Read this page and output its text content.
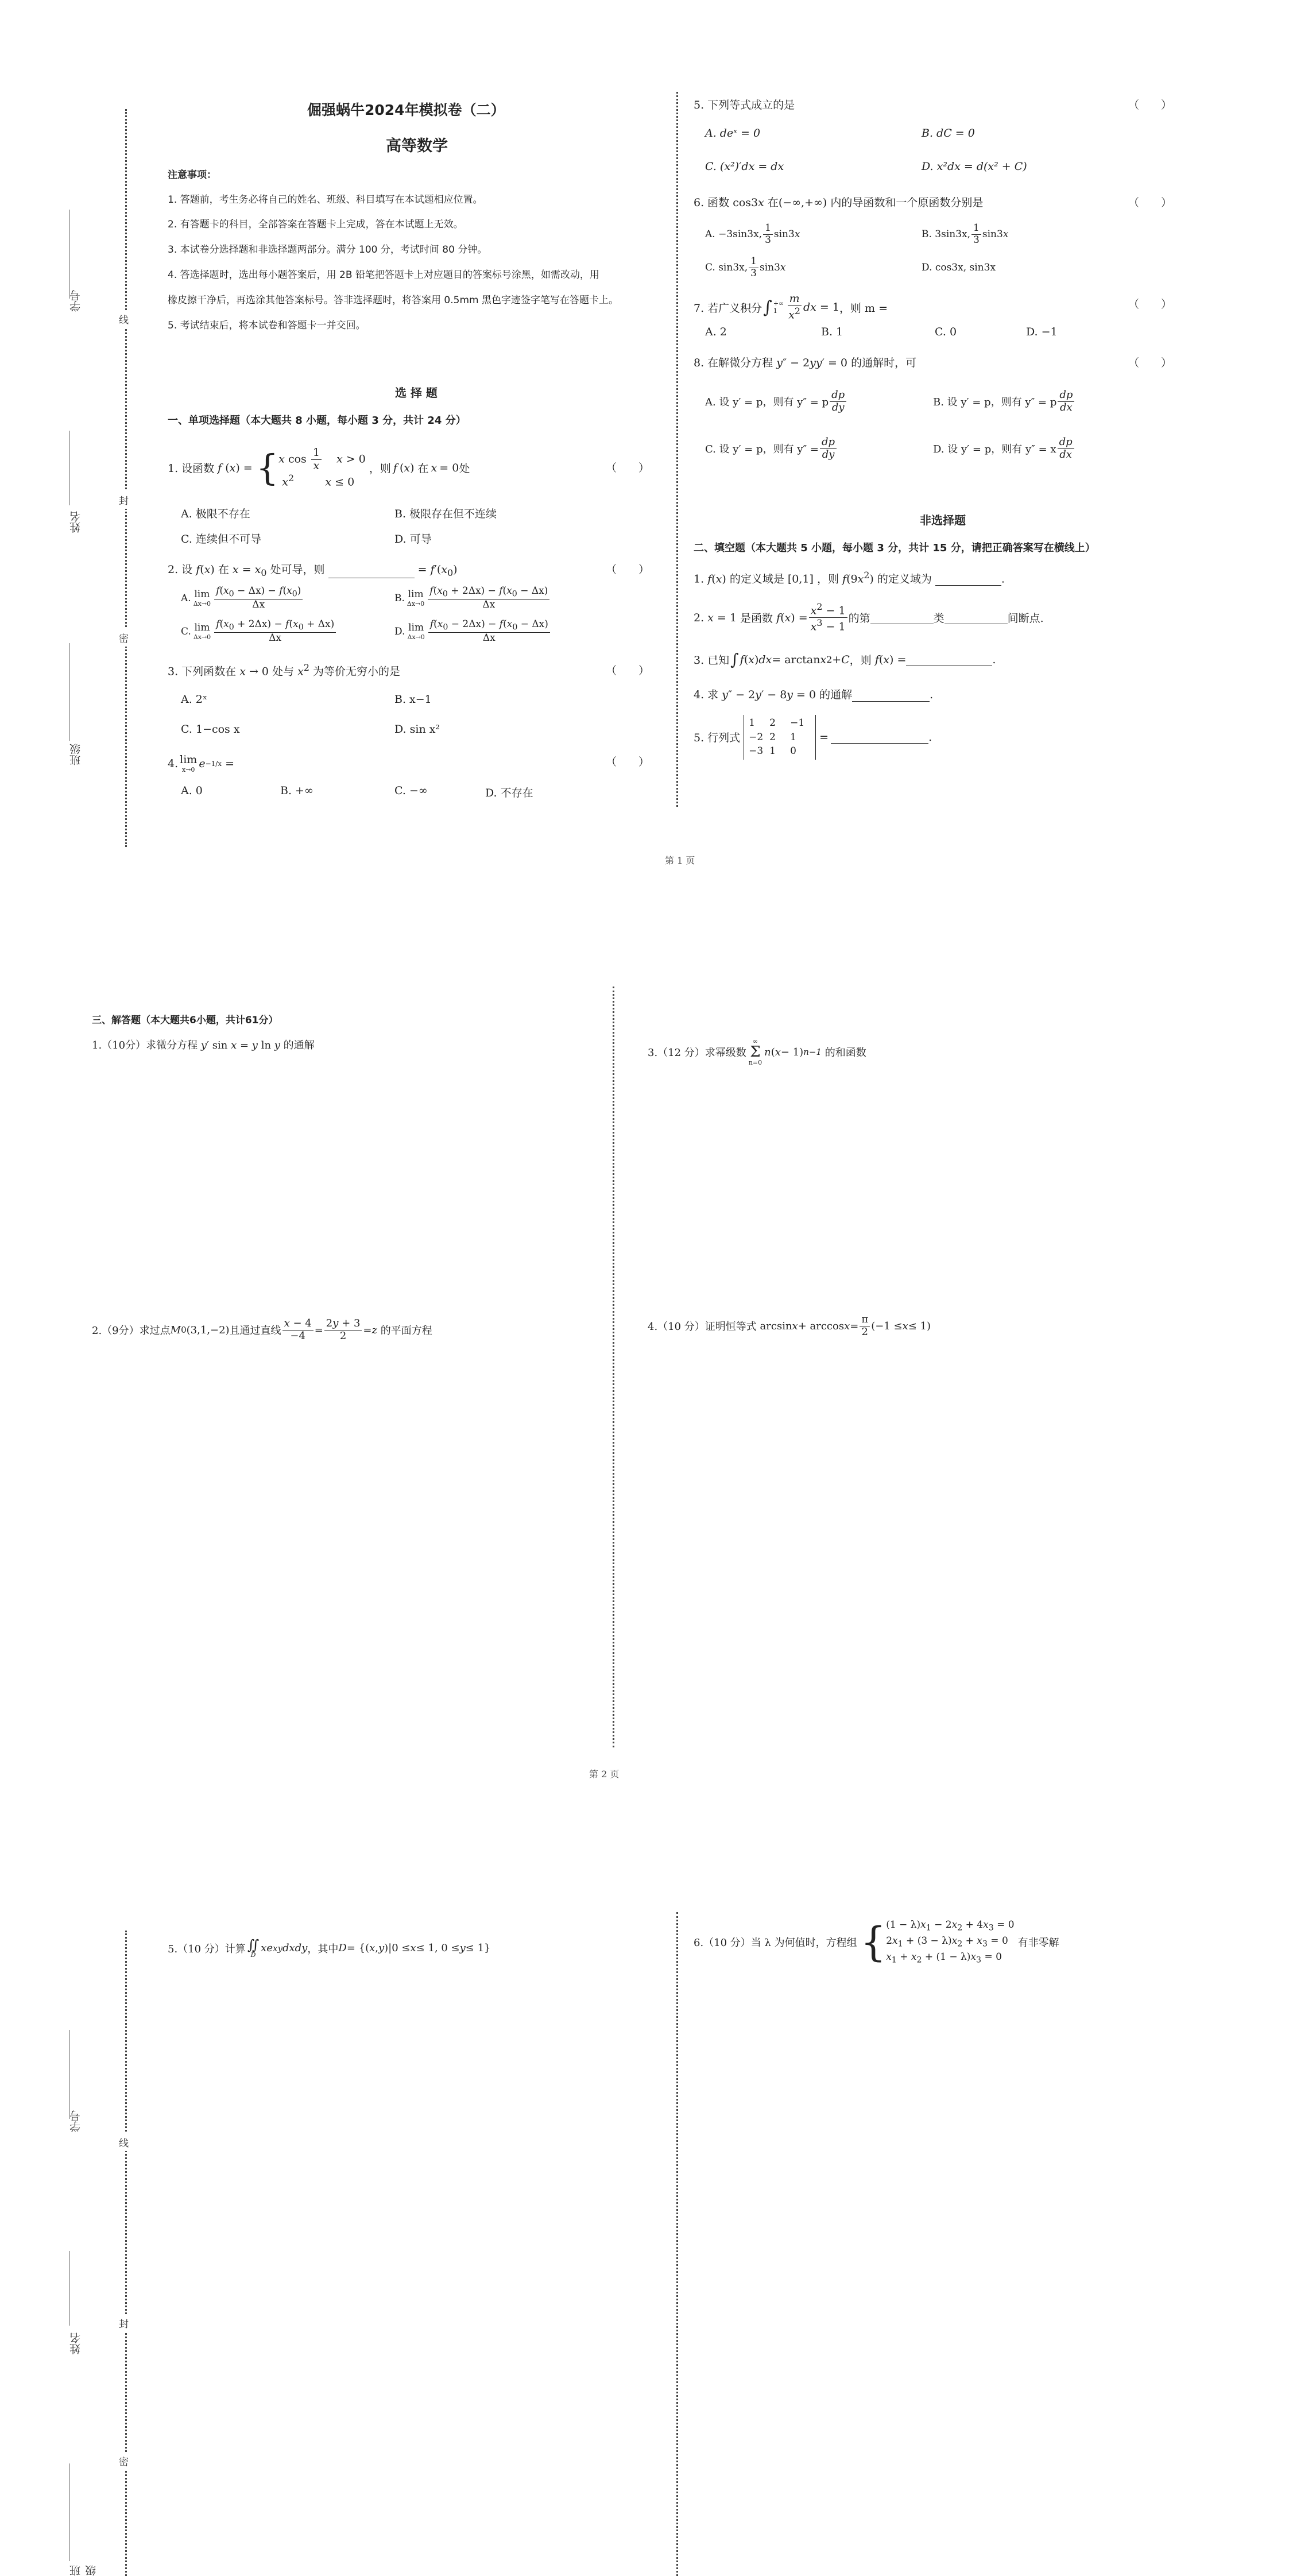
线
封
密
学号
姓名
班级
倔强蜗牛2024年模拟卷（二）
高等数学
注意事项：
1. 答题前，考生务必将自己的姓名、班级、科目填写在本试题相应位置。
2. 有答题卡的科目，全部答案在答题卡上完成，答在本试题上无效。
3. 本试卷分选择题和非选择题两部分。满分 100 分，考试时间 80 分钟。
4. 答选择题时，选出每小题答案后，用 2B 铅笔把答题卡上对应题目的答案标号涂黑，如需改动，用
橡皮擦干净后，再选涂其他答案标号。答非选择题时，将答案用 0.5mm 黑色字迹签字笔写在答题卡上。
5. 考试结束后，将本试卷和答题卡一并交回。
选 择 题
一、单项选择题（本大题共 8 小题，每小题 3 分，共计 24 分）
1. 设函数 f ( x ) = { x $\cos \frac{1}{x}$ x > 0
$x^2$	x ≤ 0
，则 f ( x ) 在 x = 0 处	（　　）
A. 极限不存在	B. 极限存在但不连续
C. 连续但不可导	D. 可导
2. 设 f(x) 在 $x = x_0$ 处可导，则	= $f'(x_0)$	（　　）
A. lim
$\Delta x\to 0 \frac{f(x_0 - \Delta x) - f(x_0)}{\Delta x}$	B. lim
$\Delta x\to 0 \frac{f(x_0 + 2\Delta x) - f(x_0 - \Delta x)}{\Delta x}$
C. lim
$\Delta x\to 0 \frac{f(x_0 + 2\Delta x) - f(x_0 + \Delta x)}{\Delta x}$	D. lim
$\Delta x\to 0 \frac{f(x_0 - 2\Delta x) - f(x_0 - \Delta x)}{\Delta x}$
3. 下列函数在 x → 0 处与 $x^2$ 为等价无穷小的是	（　　）
A. 2ˣ	B. x−1
C. 1−cos x	D. sin x²
4. lim
x→0 e −1/x =	（　　）
A. 0	B. +∞	C. −∞	D. 不存在
5. 下列等式成立的是	（　　）
A. deˣ = 0	B. dC = 0
C. (x²)′dx = dx	D. x²dx = d(x² + C)
6. 函数 cos3x 在(−∞,+∞) 内的导函数和一个原函数分别是	（　　）
A. −3sin3x, $\frac{1}{3} \sin 3$ x	B. 3sin3x, $\frac{1}{3} \sin 3$ x
C. sin3x, $\frac{1}{3} \sin 3$ x	D. cos3x, sin3x
7. 若广义积分 ∫ +∞
$1 \frac{m}{x^2}$ dx = 1 ，则 m =	（　　）
A. 2	B. 1	C. 0	D. −1
8. 在解微分方程 y″ − 2yy′ = 0 的通解时，可	（　　）
A. 设 y′ = p，则有 y″ = p $\frac{dp}{dy}$	B. 设 y′ = p，则有 y″ = p $\frac{dp}{dx}$
C. 设 y′ = p，则有 $y'' = \frac{dp}{dy}$	D. 设 y′ = p，则有 y″ = x $\frac{dp}{dx}$
非选择题
二、填空题（本大题共 5 小题，每小题 3 分，共计 15 分，请把正确答案写在横线上）
1. f(x) 的定义域是 [0,1] ，则 $f(9x^2)$ 的定义域为	.
2.
x = 1 是函数
f ( x ) = $\frac{x^2 - 1}{x^3 - 1}$ 的第	类	间断点.
3. 已知 ∫ f ( x ) dx = arctan x 2 + C ，则
f ( x ) =	.
4. 求 y″ − 2y′ − 8y = 0 的通解	.
5. 行列式
1	2	−1
−2 2	1
−3 1	0
=	.
第 1 页
三、解答题（本大题共6小题，共计61分）
1.（10分）求微分方程 y′ sin x = y ln y 的通解
2.（9分）求过点 M 0 (3,1,−2) 且通过直线 $\frac{x - 4}{-4} = \frac{2y + 3}{2} = z$
的平面方程
3.（12 分）求幂级数
∞
Σ
n=0
n ( x − 1) n−1
的和函数
4.（10 分）证明恒等式 $\arcsin x + \arccos x = \frac{\pi}{2} (-1 \le x \le 1)$
第 2 页
线
封
密
学号
姓名
班级
5.（10 分）计算 ∬
D
xe xy dxdy ，其中 D = {( x , y )|0 ≤ x ≤ 1, 0 ≤ y ≤ 1}	6.（10 分）当 λ 为何值时，方程组 { $(1 - \lambda)x_1 - 2x_2 + 4x_3 = 0$
$2x_1 + (3 - \lambda)x_2 + x_3 = 0$
$x_1 + x_2 + (1 - \lambda)x_3 = 0$
有非零解
